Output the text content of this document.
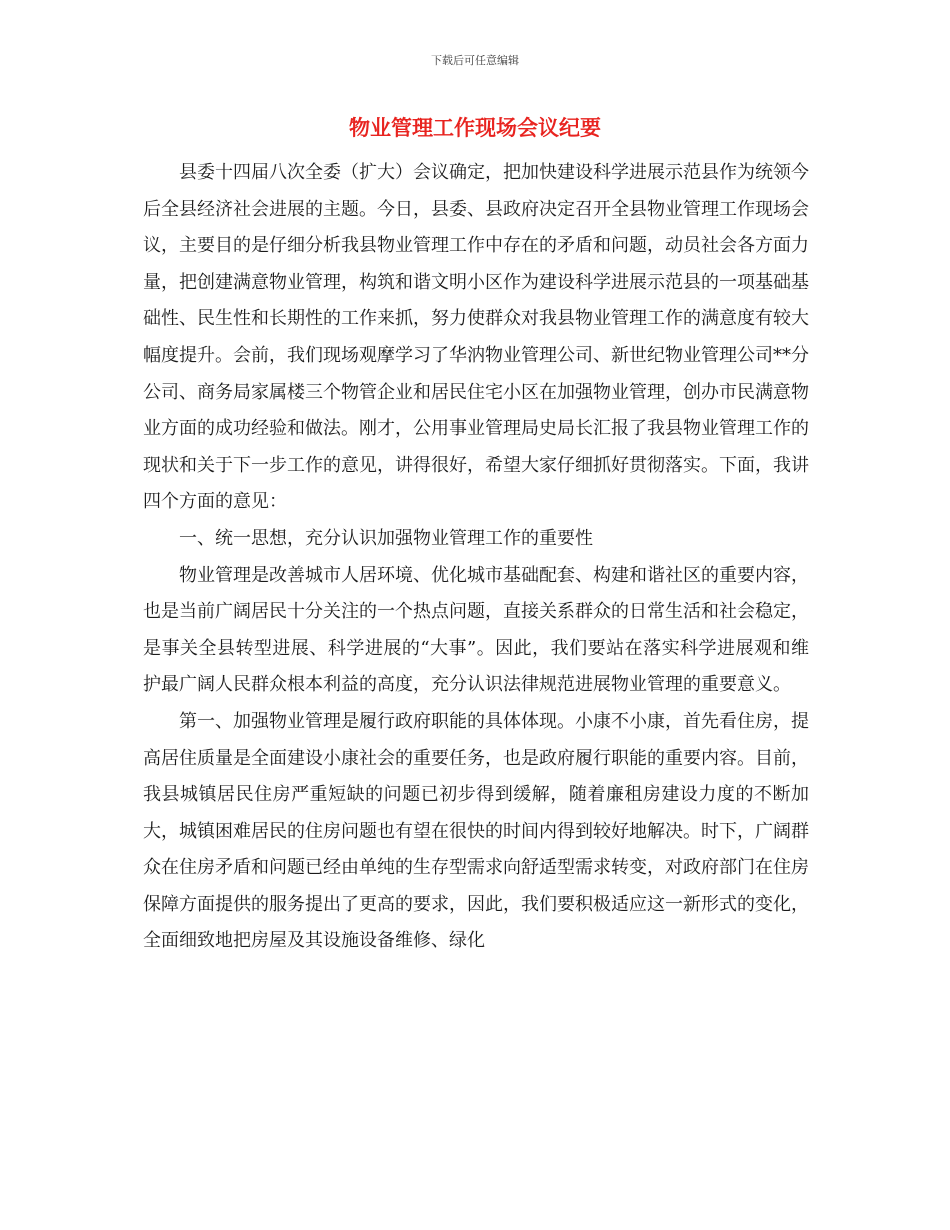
下载后可任意编辑
物业管理工作现场会议纪要

县委十四届八次全委（扩大）会议确定，把加快建设科学进展示范县作为统领今后全县经济社会进展的主题。今日，县委、县政府决定召开全县物业管理工作现场会议，主要目的是仔细分析我县物业管理工作中存在的矛盾和问题，动员社会各方面力量，把创建满意物业管理，构筑和谐文明小区作为建设科学进展示范县的一项基础基础性、民生性和长期性的工作来抓，努力使群众对我县物业管理工作的满意度有较大幅度提升。会前，我们现场观摩学习了华汭物业管理公司、新世纪物业管理公司**分公司、商务局家属楼三个物管企业和居民住宅小区在加强物业管理，创办市民满意物业方面的成功经验和做法。刚才，公用事业管理局史局长汇报了我县物业管理工作的现状和关于下一步工作的意见，讲得很好，希望大家仔细抓好贯彻落实。下面，我讲四个方面的意见：

一、统一思想，充分认识加强物业管理工作的重要性

物业管理是改善城市人居环境、优化城市基础配套、构建和谐社区的重要内容，也是当前广阔居民十分关注的一个热点问题，直接关系群众的日常生活和社会稳定，是事关全县转型进展、科学进展的“大事”。因此，我们要站在落实科学进展观和维护最广阔人民群众根本利益的高度，充分认识法律规范进展物业管理的重要意义。

第一、加强物业管理是履行政府职能的具体体现。小康不小康，首先看住房，提高居住质量是全面建设小康社会的重要任务，也是政府履行职能的重要内容。目前，我县城镇居民住房严重短缺的问题已初步得到缓解，随着廉租房建设力度的不断加大，城镇困难居民的住房问题也有望在很快的时间内得到较好地解决。时下，广阔群众在住房矛盾和问题已经由单纯的生存型需求向舒适型需求转变，对政府部门在住房保障方面提供的服务提出了更高的要求，因此，我们要积极适应这一新形式的变化，全面细致地把房屋及其设施设备维修、绿化
